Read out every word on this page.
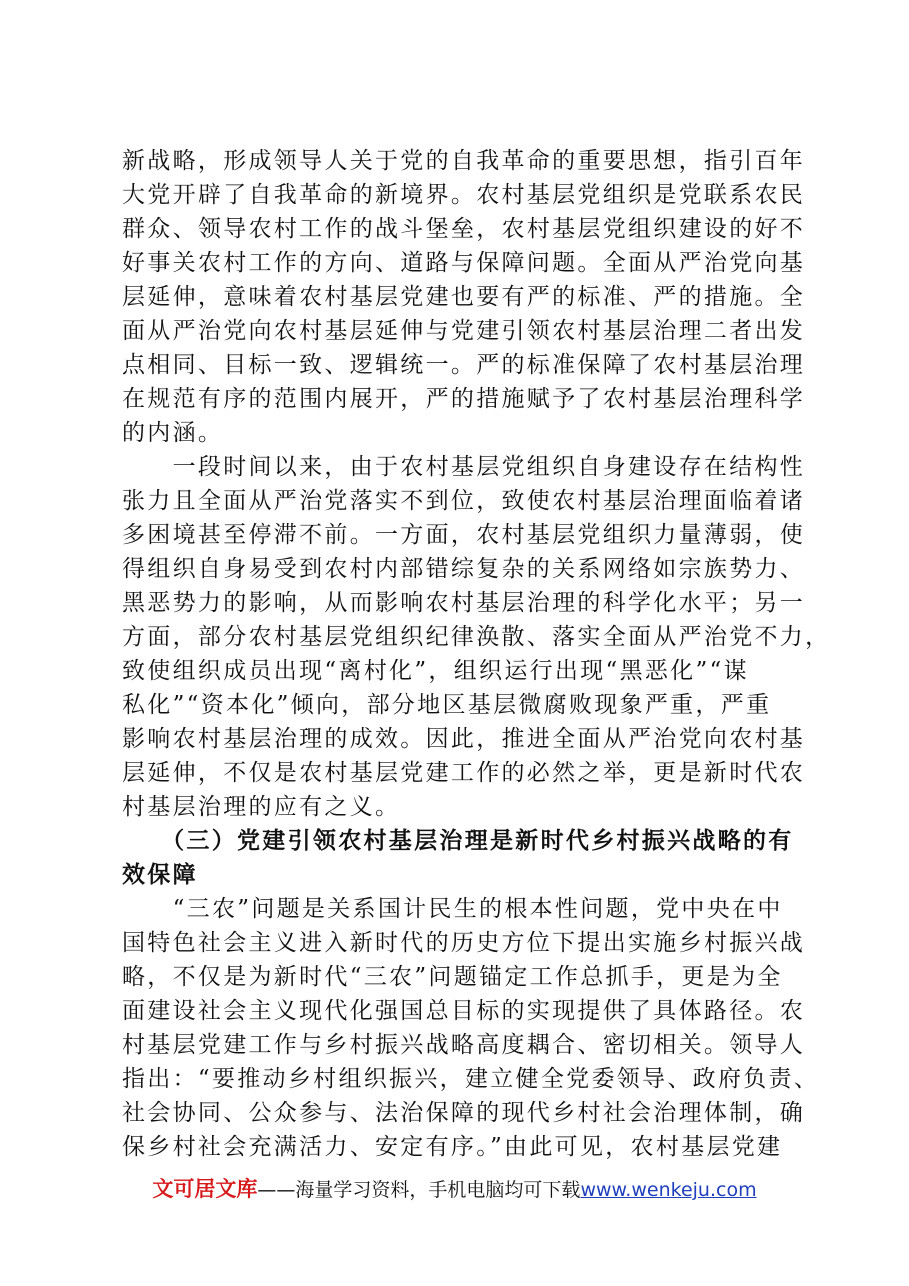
新战略，形成领导人关于党的自我革命的重要思想，指引百年
大党开辟了自我革命的新境界。农村基层党组织是党联系农民
群众、领导农村工作的战斗堡垒，农村基层党组织建设的好不
好事关农村工作的方向、道路与保障问题。全面从严治党向基
层延伸，意味着农村基层党建也要有严的标准、严的措施。全
面从严治党向农村基层延伸与党建引领农村基层治理二者出发
点相同、目标一致、逻辑统一。严的标准保障了农村基层治理
在规范有序的范围内展开，严的措施赋予了农村基层治理科学
的内涵。
　　一段时间以来，由于农村基层党组织自身建设存在结构性
张力且全面从严治党落实不到位，致使农村基层治理面临着诸
多困境甚至停滞不前。一方面，农村基层党组织力量薄弱，使
得组织自身易受到农村内部错综复杂的关系网络如宗族势力、
黑恶势力的影响，从而影响农村基层治理的科学化水平；另一
方面，部分农村基层党组织纪律涣散、落实全面从严治党不力，
致使组织成员出现“离村化”，组织运行出现“黑恶化”“谋
私化”“资本化”倾向，部分地区基层微腐败现象严重，严重
影响农村基层治理的成效。因此，推进全面从严治党向农村基
层延伸，不仅是农村基层党建工作的必然之举，更是新时代农
村基层治理的应有之义。
　　（三）党建引领农村基层治理是新时代乡村振兴战略的有
效保障
　　“三农”问题是关系国计民生的根本性问题，党中央在中
国特色社会主义进入新时代的历史方位下提出实施乡村振兴战
略，不仅是为新时代“三农”问题锚定工作总抓手，更是为全
面建设社会主义现代化强国总目标的实现提供了具体路径。农
村基层党建工作与乡村振兴战略高度耦合、密切相关。领导人
指出：“要推动乡村组织振兴，建立健全党委领导、政府负责、
社会协同、公众参与、法治保障的现代乡村社会治理体制，确
保乡村社会充满活力、安定有序。”由此可见，农村基层党建
文可居文库——海量学习资料，手机电脑均可下载www.wenkeju.com
